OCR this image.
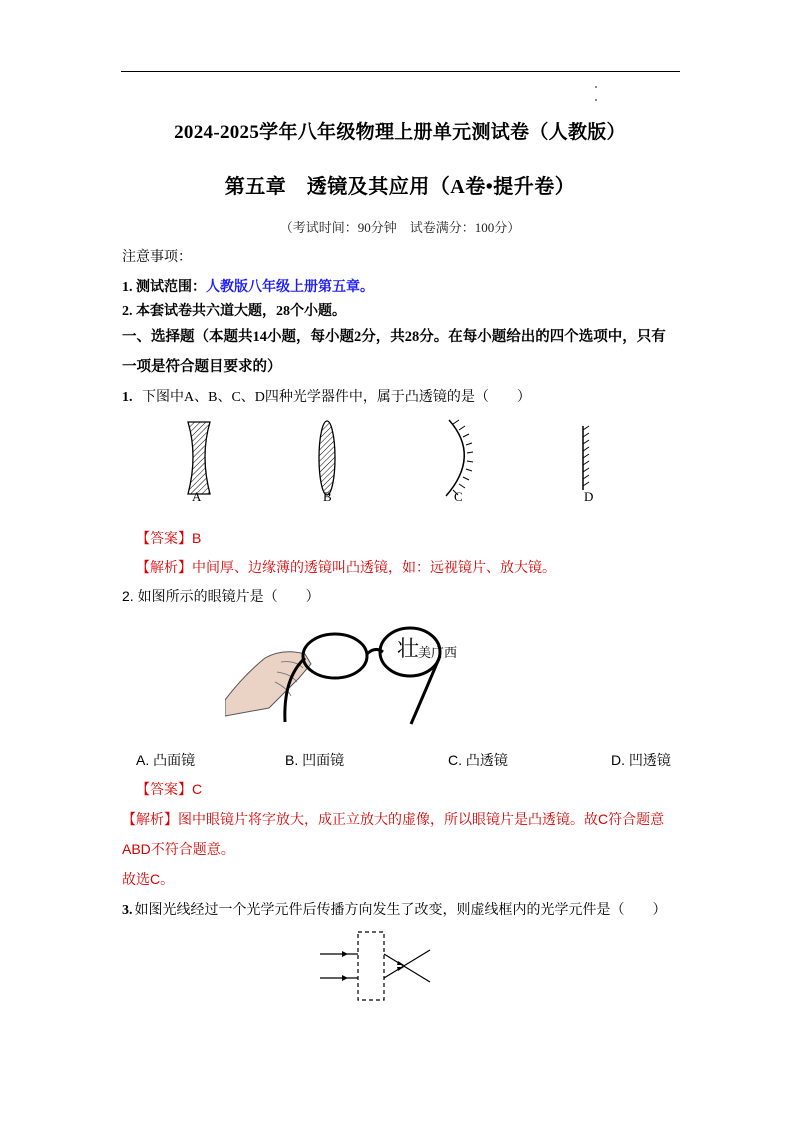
2024-2025学年八年级物理上册单元测试卷（人教版）
第五章　透镜及其应用（A卷•提升卷）
（考试时间：90分钟　试卷满分：100分）
注意事项：
1. 测试范围：人教版八年级上册第五章。
2. 本套试卷共六道大题，28个小题。
一、选择题（本题共14小题，每小题2分，共28分。在每小题给出的四个选项中，只有
一项是符合题目要求的）
1. 下图中A、B、C、D四种光学器件中，属于凸透镜的是（　　）
A	B	C	D
【答案】B
【解析】中间厚、边缘薄的透镜叫凸透镜，如：远视镜片、放大镜。
2. 如图所示的眼镜片是（　　）
壮
美广西
A. 凸面镜	B. 凹面镜	C. 凸透镜	D. 凹透镜
【答案】C
【解析】图中眼镜片将字放大，成正立放大的虚像，所以眼镜片是凸透镜。故C符合题意
ABD不符合题意。
故选C。
3. 如图光线经过一个光学元件后传播方向发生了改变，则虚线框内的光学元件是（　　）
